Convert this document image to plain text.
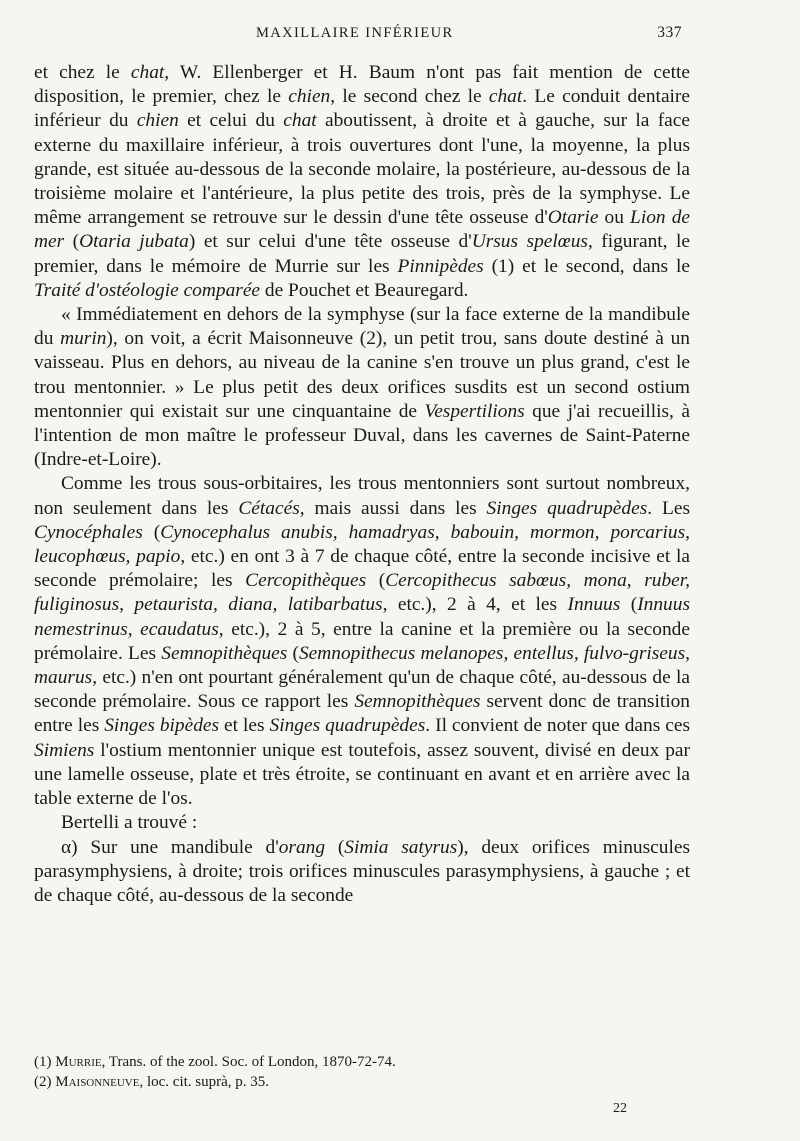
MAXILLAIRE INFÉRIEUR	337

et chez le chat, W. Ellenberger et H. Baum n'ont pas fait mention de cette disposition, le premier, chez le chien, le second chez le chat. Le conduit dentaire inférieur du chien et celui du chat aboutissent, à droite et à gauche, sur la face externe du maxillaire inférieur, à trois ouvertures dont l'une, la moyenne, la plus grande, est située au-dessous de la seconde molaire, la postérieure, au-dessous de la troisième molaire et l'antérieure, la plus petite des trois, près de la symphyse. Le même arrangement se retrouve sur le dessin d'une tête osseuse d'Otarie ou Lion de mer (Otaria jubata) et sur celui d'une tête osseuse d'Ursus spelœus, figurant, le premier, dans le mémoire de Murrie sur les Pinnipèdes (1) et le second, dans le Traité d'ostéologie comparée de Pouchet et Beauregard.

« Immédiatement en dehors de la symphyse (sur la face externe de la mandibule du murin), on voit, a écrit Maisonneuve (2), un petit trou, sans doute destiné à un vaisseau. Plus en dehors, au niveau de la canine s'en trouve un plus grand, c'est le trou mentonnier. » Le plus petit des deux orifices susdits est un second ostium mentonnier qui existait sur une cinquantaine de Vespertilions que j'ai recueillis, à l'intention de mon maître le professeur Duval, dans les cavernes de Saint-Paterne (Indre-et-Loire).

Comme les trous sous-orbitaires, les trous mentonniers sont surtout nombreux, non seulement dans les Cétacés, mais aussi dans les Singes quadrupèdes. Les Cynocéphales (Cynocephalus anubis, hamadryas, babouin, mormon, porcarius, leucophœus, papio, etc.) en ont 3 à 7 de chaque côté, entre la seconde incisive et la seconde prémolaire; les Cercopithèques (Cercopithecus sabœus, mona, ruber, fuliginosus, petaurista, diana, latibarbatus, etc.), 2 à 4, et les Innuus (Innuus nemestrinus, ecaudatus, etc.), 2 à 5, entre la canine et la première ou la seconde prémolaire. Les Semnopithèques (Semnopithecus melanopes, entellus, fulvo-griseus, maurus, etc.) n'en ont pourtant généralement qu'un de chaque côté, au-dessous de la seconde prémolaire. Sous ce rapport les Semnopithèques servent donc de transition entre les Singes bipèdes et les Singes quadrupèdes. Il convient de noter que dans ces Simiens l'ostium mentonnier unique est toutefois, assez souvent, divisé en deux par une lamelle osseuse, plate et très étroite, se continuant en avant et en arrière avec la table externe de l'os.

Bertelli a trouvé :

α) Sur une mandibule d'orang (Simia satyrus), deux orifices minuscules parasymphysiens, à droite; trois orifices minuscules parasymphysiens, à gauche ; et de chaque côté, au-dessous de la seconde

(1) Murrie, Trans. of the zool. Soc. of London, 1870-72-74.

(2) Maisonneuve, loc. cit. suprà, p. 35.

22
